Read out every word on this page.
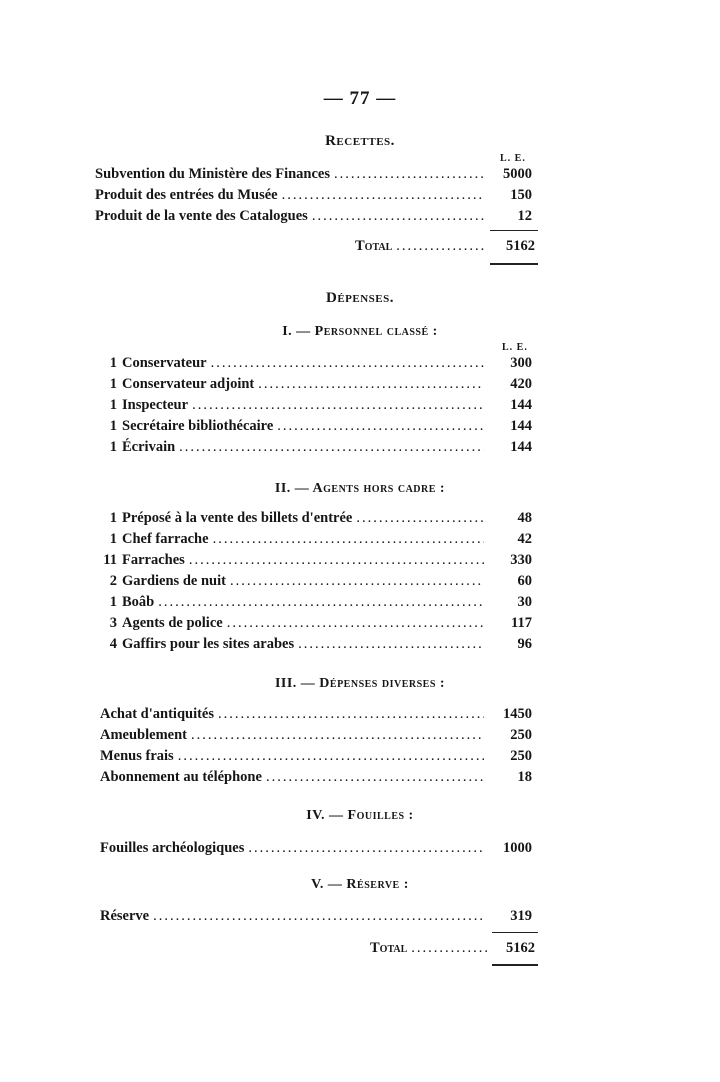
— 77 —
Recettes.
L. E.
Subvention du Ministère des Finances .....	5000
Produit des entrées du Musée .....	150
Produit de la vente des Catalogues .....	12
Total .....	5162
Dépenses.
I. — Personnel classé :
L. E.
1 Conservateur .....	300
1 Conservateur adjoint .....	420
1 Inspecteur .....	144
1 Secrétaire bibliothécaire .....	144
1 Écrivain .....	144
II. — Agents hors cadre :
1 Préposé à la vente des billets d'entrée .....	48
1 Chef farrache .....	42
11 Farraches .....	330
2 Gardiens de nuit .....	60
1 Boâb .....	30
3 Agents de police .....	117
4 Gaffirs pour les sites arabes .....	96
III. — Dépenses diverses :
Achat d'antiquités .....	1450
Ameublement .....	250
Menus frais .....	250
Abonnement au téléphone .....	18
IV. — Fouilles :
Fouilles archéologiques .....	1000
V. — Réserve :
Réserve .....	319
Total .....	5162
